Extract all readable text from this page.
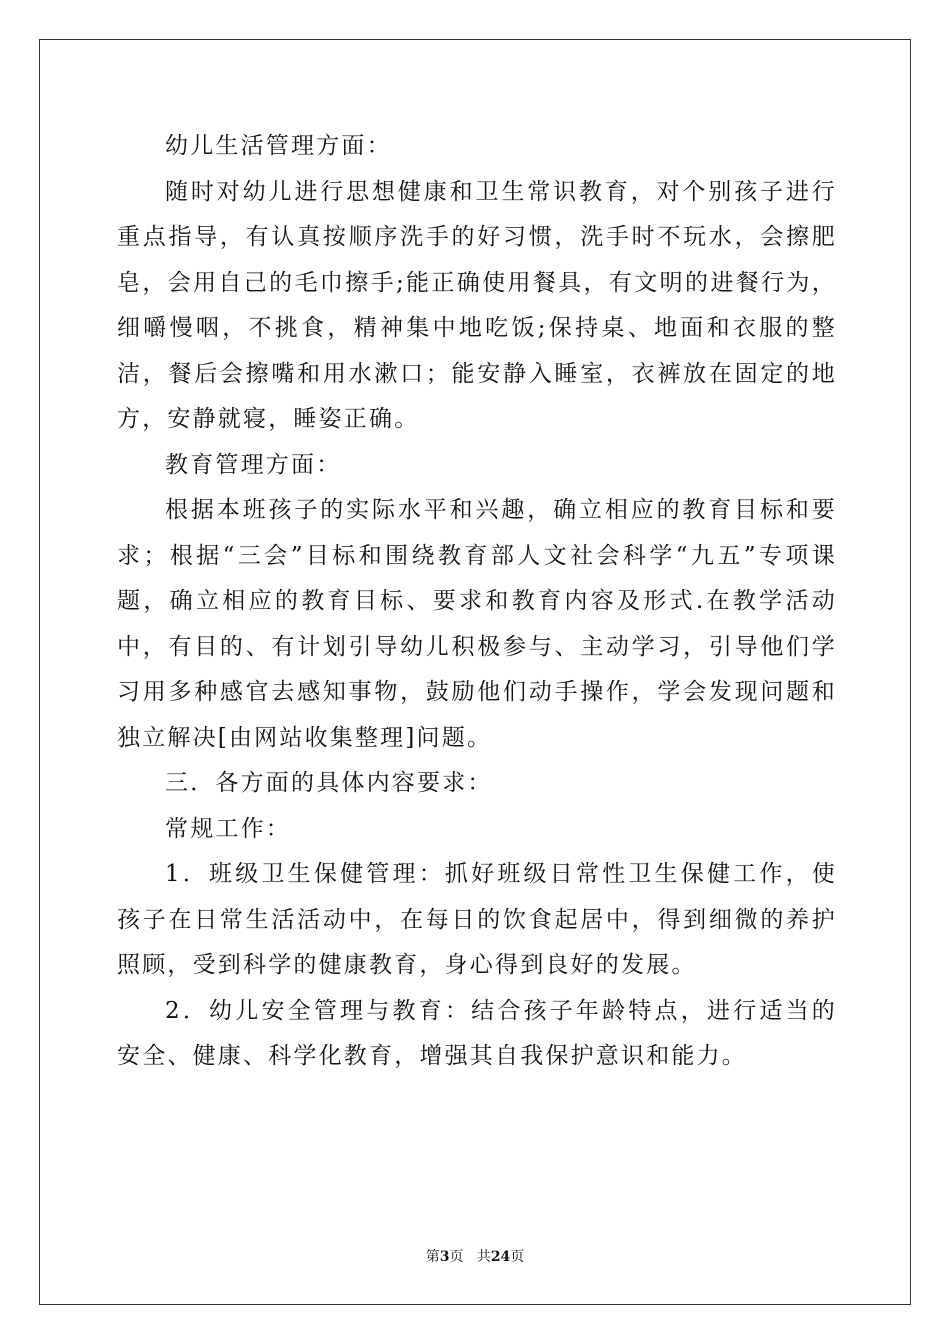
幼儿生活管理方面：

随时对幼儿进行思想健康和卫生常识教育，对个别孩子进行重点指导，有认真按顺序洗手的好习惯，洗手时不玩水，会擦肥皂，会用自己的毛巾擦手;能正确使用餐具，有文明的进餐行为，细嚼慢咽，不挑食，精神集中地吃饭;保持桌、地面和衣服的整洁，餐后会擦嘴和用水漱口；能安静入睡室，衣裤放在固定的地方，安静就寝，睡姿正确。

教育管理方面：

根据本班孩子的实际水平和兴趣，确立相应的教育目标和要求；根据“三会”目标和围绕教育部人文社会科学“九五”专项课题，确立相应的教育目标、要求和教育内容及形式.在教学活动中，有目的、有计划引导幼儿积极参与、主动学习，引导他们学习用多种感官去感知事物，鼓励他们动手操作，学会发现问题和独立解决[由网站收集整理]问题。

三．各方面的具体内容要求：

常规工作：

1．班级卫生保健管理：抓好班级日常性卫生保健工作，使孩子在日常生活活动中，在每日的饮食起居中，得到细微的养护照顾，受到科学的健康教育，身心得到良好的发展。

2．幼儿安全管理与教育：结合孩子年龄特点，进行适当的安全、健康、科学化教育，增强其自我保护意识和能力。

第3页 共24页
